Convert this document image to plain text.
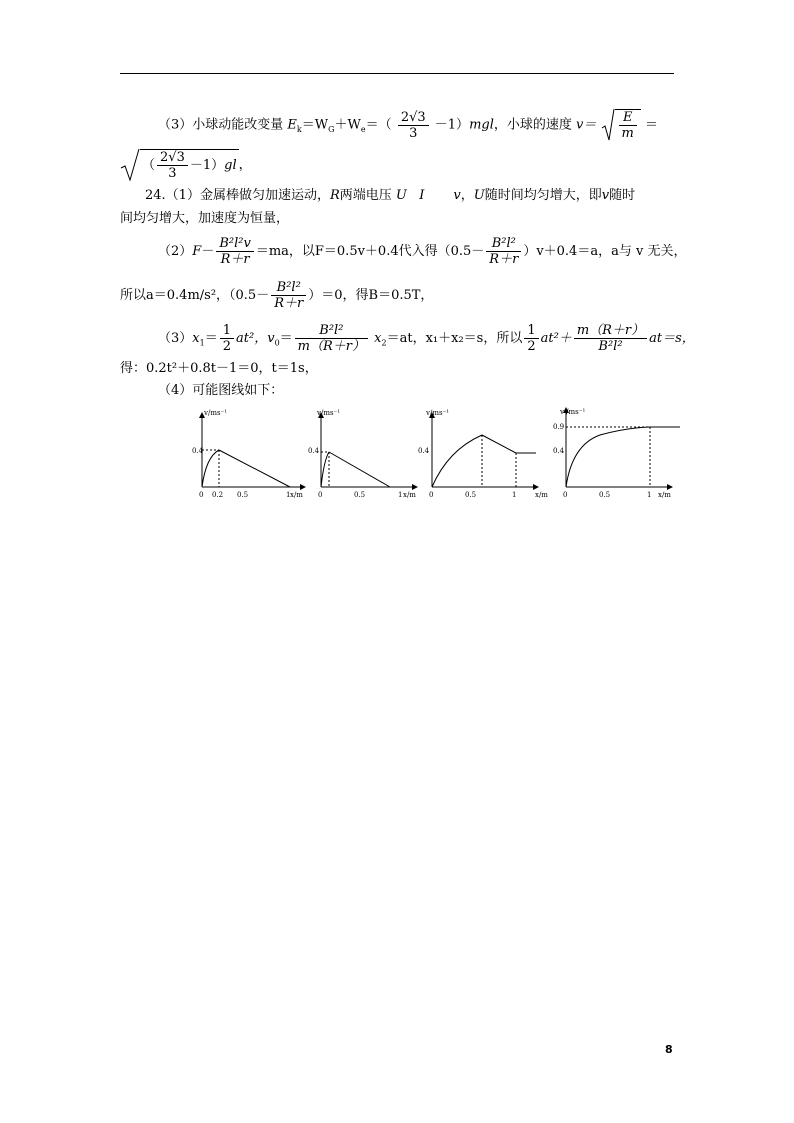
（3）小球动能改变量 $E_k=W_G+W_e=( \frac{2√3}{3} -1)mgl$，小球的速度 $v= \frac{E}{m}$ ＝
（ $\frac{2√3}{3} -1)gl$ ，
24.（1）金属棒做匀加速运动，R两端电压 U I v，U随时间均匀增大，即v随时
间均匀增大，加速度为恒量，
$(2)F- \frac{\text{B²l²v}}{R+r} =ma$，以F＝0.5v＋0.4代入得$(0.5- \frac{\text{B²l²}}{R+r} )v+0.4=a$，a与 v 无关，
所以a＝0.4m/s²，$(0.5- \frac{\text{B²l²}}{R+r} )=0$，得B＝0.5T，
$(3)x_1= \frac{1}{2} at^2$，$v_0= \frac{\text{B²l²}}{m(R+r)} x_2=at$，x₁＋x₂＝s，所以 $\frac{1}{2} at^2+ \frac{m(R+r)}{\text{B²l²}} at=s$，
得：0.2t²＋0.8t－1＝0，t＝1s，
（4）可能图线如下：
v/ms⁻¹
x/m
0.4
0 0.2 0.5	1
v/ms⁻¹
x/m
0.4
0	0.5	1
v/ms⁻¹
x/m
0.4
0	0.5	1
v /ms⁻¹
x/m
0.9
0.4
0	0.5	1
8
